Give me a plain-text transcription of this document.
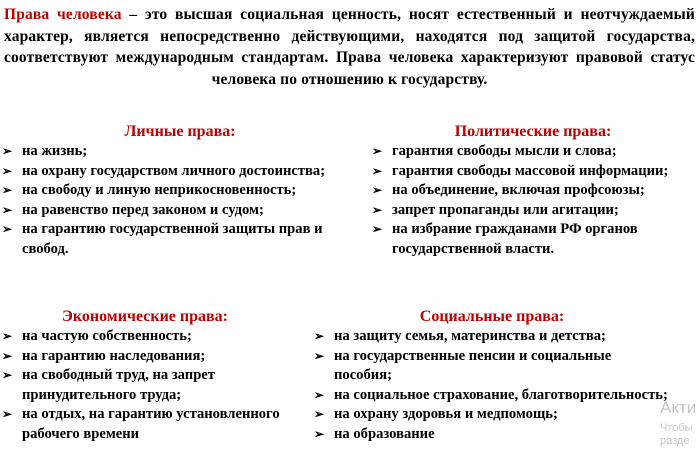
Права человека – это высшая социальная ценность, носят естественный и неотчуждаемый характер, является непосредственно действующими, находятся под защитой государства, соответствуют международным стандартам. Права человека характеризуют правовой статус человека по отношению к государству.
Личные права:
➢ на жизнь;
➢ на охрану государством личного достоинства;
➢ на свободу и линую неприкосновенность;
➢ на равенство перед законом и судом;
➢ на гарантию государственной защиты прав и свобод.
Политические права:
➢ гарантия свободы мысли и слова;
➢ гарантия свободы массовой информации;
➢ на объединение, включая профсоюзы;
➢ запрет пропаганды или агитации;
➢ на избрание гражданами РФ органов государственной власти.
Экономические права:
➢ на частую собственность;
➢ на гарантию наследования;
➢ на свободный труд, на запрет принудительного труда;
➢ на отдых, на гарантию установленного рабочего времени
Социальные права:
➢ на защиту семья, материнства и детства;
➢ на государственные пенсии и социальные пособия;
➢ на социальное страхование, благотворительность;
➢ на охрану здоровья и медпомощь;
➢ на образование
Акти
Чтобы
разде
